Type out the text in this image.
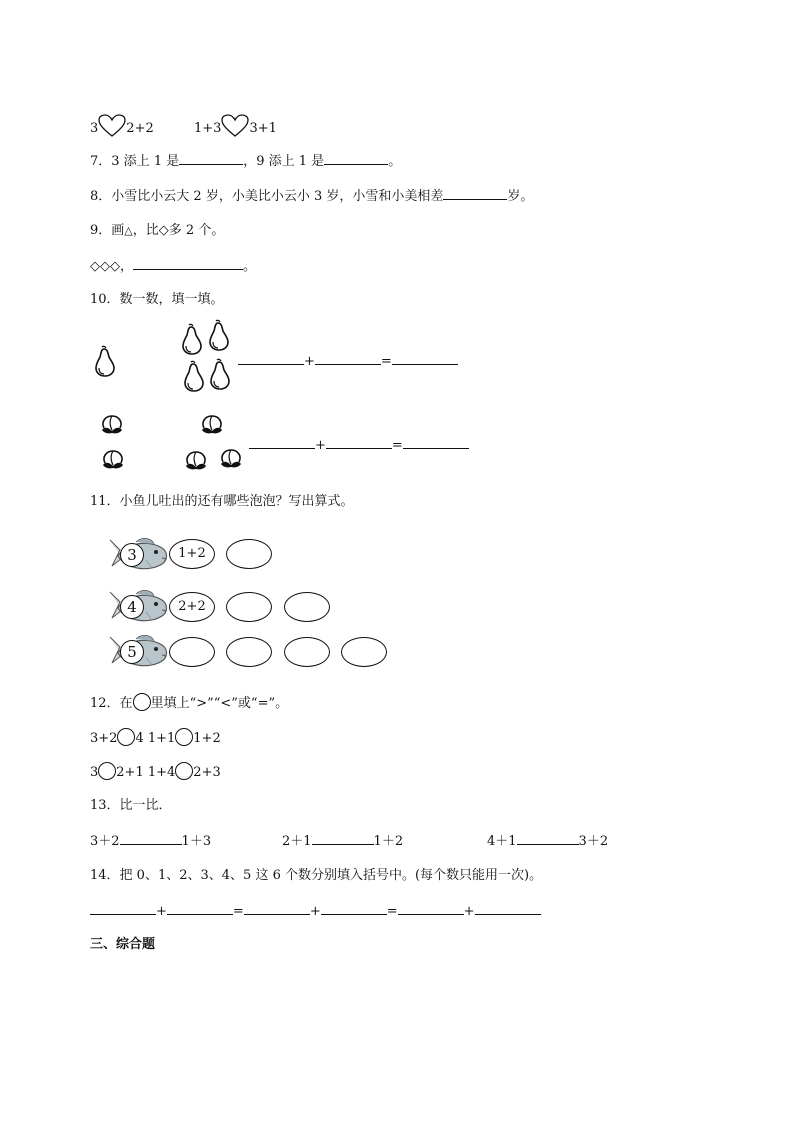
3 2+2	1+3 3+1
7．3 添上 1 是	，9 添上 1 是	。
8．小雪比小云大 2 岁，小美比小云小 3 岁，小雪和小美相差	岁。
9．画△，比◇多 2 个。
◇◇◇，	。
10．数一数，填一填。
+	=
+	=
11．小鱼儿吐出的还有哪些泡泡？写出算式。
3	1+2
4	2+2
5
12．在 里填上“>”“<”或“=”。
3+2 4 1+1 1+2
3 2+1 1+4 2+3
13．比一比．
3＋2	1＋3	2＋1	1＋2	4＋1	3＋2
14．把 0、1、2、3、4、5 这 6 个数分别填入括号中。(每个数只能用一次)。
+	=	+	=	+
三、综合题
